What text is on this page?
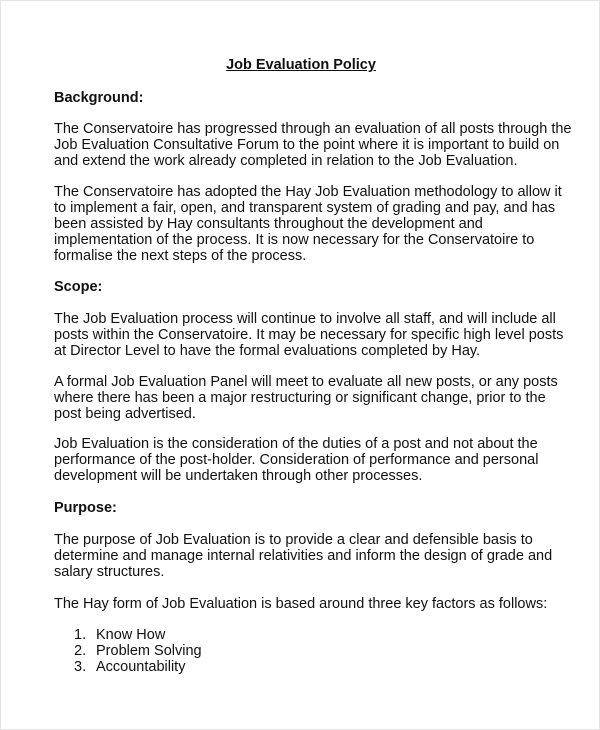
Job Evaluation Policy
Background:

The Conservatoire has progressed through an evaluation of all posts through the
Job Evaluation Consultative Forum to the point where it is important to build on
and extend the work already completed in relation to the Job Evaluation.

The Conservatoire has adopted the Hay Job Evaluation methodology to allow it
to implement a fair, open, and transparent system of grading and pay, and has
been assisted by Hay consultants throughout the development and
implementation of the process. It is now necessary for the Conservatoire to
formalise the next steps of the process.

Scope:

The Job Evaluation process will continue to involve all staff, and will include all
posts within the Conservatoire. It may be necessary for specific high level posts
at Director Level to have the formal evaluations completed by Hay.

A formal Job Evaluation Panel will meet to evaluate all new posts, or any posts
where there has been a major restructuring or significant change, prior to the
post being advertised.

Job Evaluation is the consideration of the duties of a post and not about the
performance of the post-holder. Consideration of performance and personal
development will be undertaken through other processes.

Purpose:

The purpose of Job Evaluation is to provide a clear and defensible basis to
determine and manage internal relativities and inform the design of grade and
salary structures.

The Hay form of Job Evaluation is based around three key factors as follows:

1. Know How
2. Problem Solving
3. Accountability
